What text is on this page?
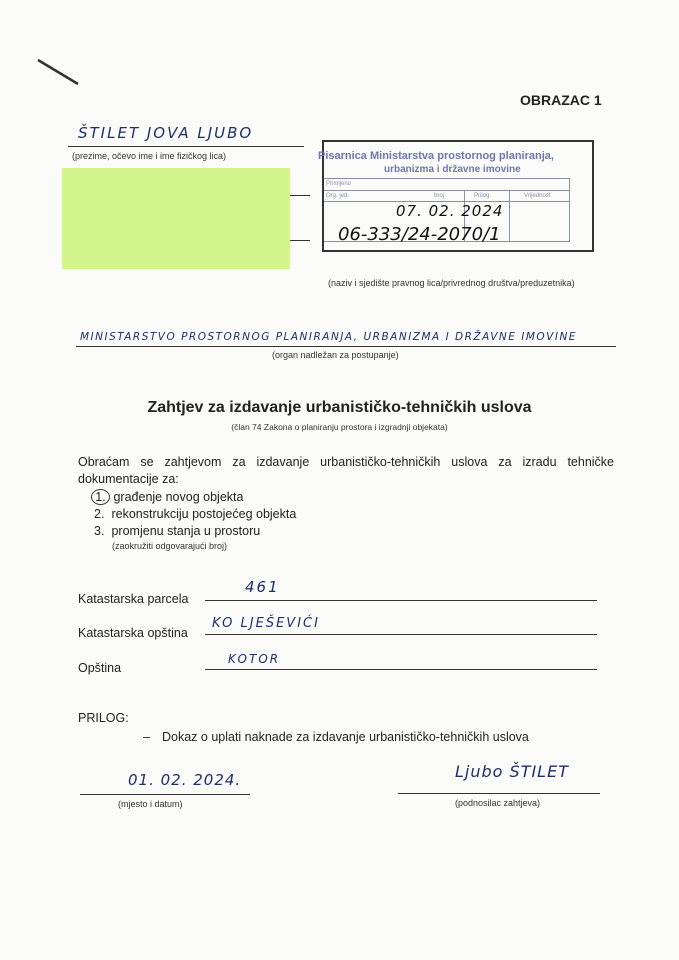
OBRAZAC 1
ŠTILET JOVA LJUBO
(prezime, očevo ime i ime fizičkog lica)	Pisarnica Ministarstva prostornog planiranja,
urbanizma i državne imovine
Primljeno
Org. jed.	broj	Prilog	Vrijednost
07. 02. 2024
06-333/24-2070/1
(naziv i sjedište pravnog lica/privrednog društva/preduzetnika)
MINISTARSTVO PROSTORNOG PLANIRANJA, URBANIZMA I DRŽAVNE IMOVINE
(organ nadležan za postupanje)
Zahtjev za izdavanje urbanističko-tehničkih uslova
(član 74 Zakona o planiranju prostora i izgradnji objekata)
Obraćam se zahtjevom za izdavanje urbanističko-tehničkih uslova za izradu tehničke dokumentacije za:
1. građenje novog objekta
2. rekonstrukciju postojećeg objekta
3. promjenu stanja u prostoru
(zaokružiti odgovarajući broj)
Katastarska parcela
461
Katastarska opština
KO LJEŠEVIĆI
Opština
KOTOR
PRILOG:
– Dokaz o uplati naknade za izdavanje urbanističko-tehničkih uslova
01. 02. 2024.
(mjesto i datum)
Ljubo ŠTILET
(podnosilac zahtjeva)
